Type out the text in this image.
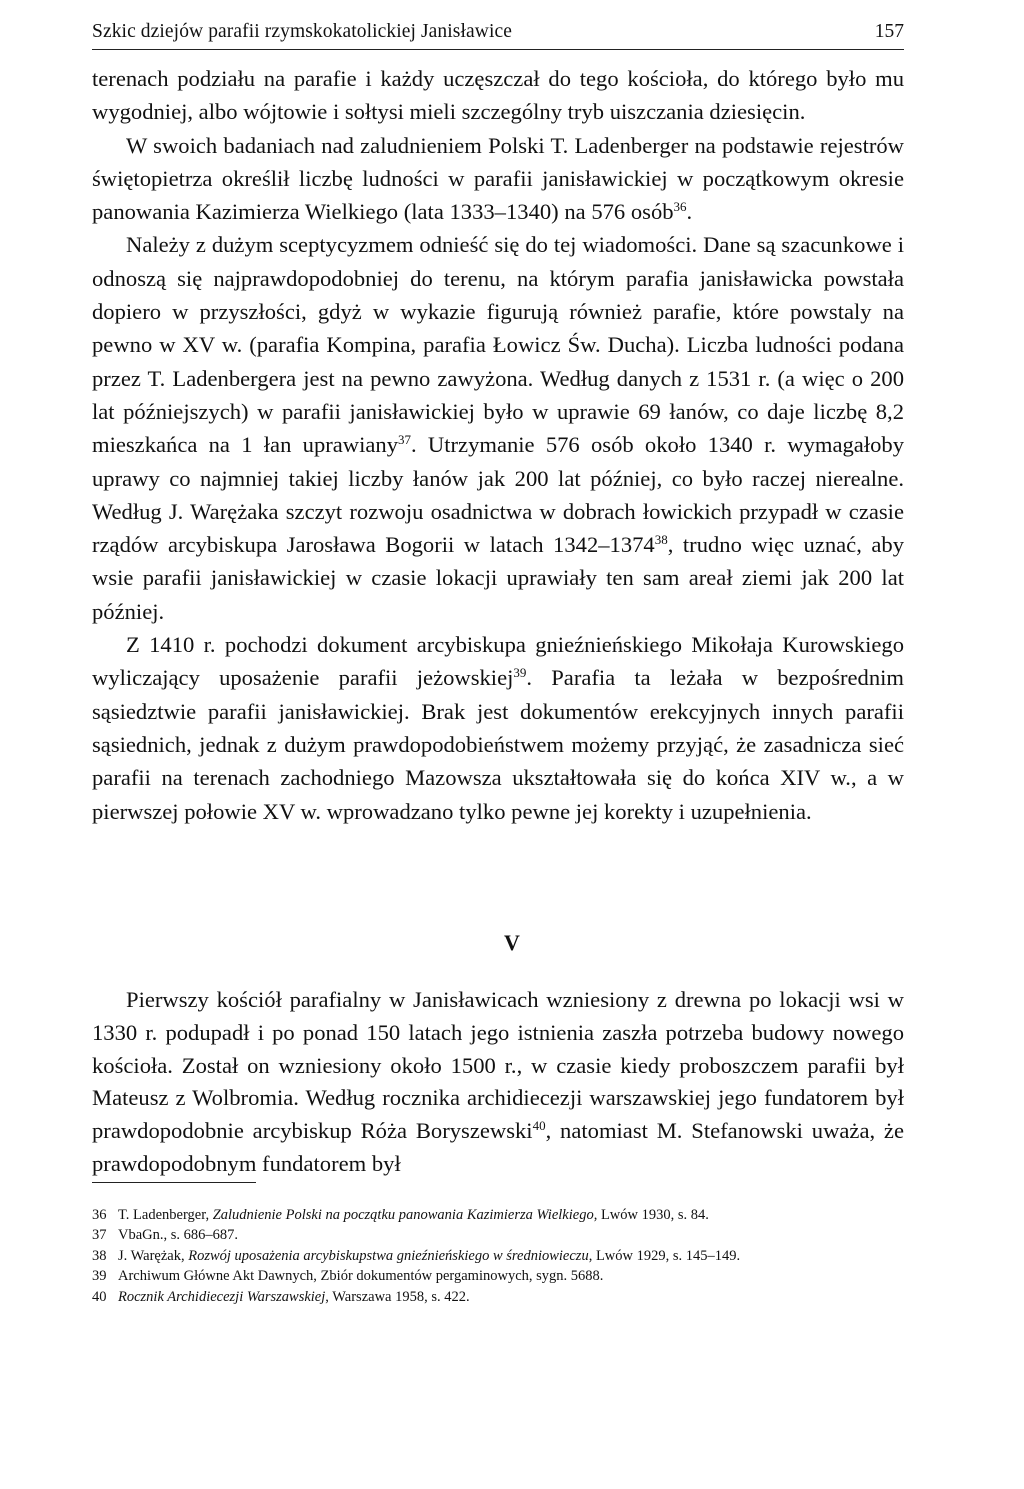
Szkic dziejów parafii rzymskokatolickiej Janisławice	157

terenach podziału na parafie i każdy uczęszczał do tego kościoła, do którego było mu wygodniej, albo wójtowie i sołtysi mieli szczególny tryb uiszczania dziesięcin.

W swoich badaniach nad zaludnieniem Polski T. Ladenberger na podstawie rejestrów świętopietrza określił liczbę ludności w parafii janisławickiej w początkowym okresie panowania Kazimierza Wielkiego (lata 1333–1340) na 576 osób$^{36}$.

Należy z dużym sceptycyzmem odnieść się do tej wiadomości. Dane są szacunkowe i odnoszą się najprawdopodobniej do terenu, na którym parafia janisławicka powstała dopiero w przyszłości, gdyż w wykazie figurują również parafie, które powstaly na pewno w XV w. (parafia Kompina, parafia Łowicz Św. Ducha). Liczba ludności podana przez T. Ladenbergera jest na pewno zawyżona. Według danych z 1531 r. (a więc o 200 lat późniejszych) w parafii janisławickiej było w uprawie 69 łanów, co daje liczbę 8,2 mieszkańca na 1 łan uprawiany$^{37}$. Utrzymanie 576 osób około 1340 r. wymagałoby uprawy co najmniej takiej liczby łanów jak 200 lat później, co było raczej nierealne. Według J. Warężaka szczyt rozwoju osadnictwa w dobrach łowickich przypadł w czasie rządów arcybiskupa Jarosława Bogorii w latach 1342–1374$^{38}$, trudno więc uznać, aby wsie parafii janisławickiej w czasie lokacji uprawiały ten sam areał ziemi jak 200 lat później.

Z 1410 r. pochodzi dokument arcybiskupa gnieźnieńskiego Mikołaja Kurowskiego wyliczający uposażenie parafii jeżowskiej$^{39}$. Parafia ta leżała w bezpośrednim sąsiedztwie parafii janisławickiej. Brak jest dokumentów erekcyjnych innych parafii sąsiednich, jednak z dużym prawdopodobieństwem możemy przyjąć, że zasadnicza sieć parafii na terenach zachodniego Mazowsza ukształtowała się do końca XIV w., a w pierwszej połowie XV w. wprowadzano tylko pewne jej korekty i uzupełnienia.

V

Pierwszy kościół parafialny w Janisławicach wzniesiony z drewna po lokacji wsi w 1330 r. podupadł i po ponad 150 latach jego istnienia zaszła potrzeba budowy nowego kościoła. Został on wzniesiony około 1500 r., w czasie kiedy proboszczem parafii był Mateusz z Wolbromia. Według rocznika archidiecezji warszawskiej jego fundatorem był prawdopodobnie arcybiskup Róża Boryszewski$^{40}$, natomiast M. Stefanowski uważa, że prawdopodobnym fundatorem był

36 T. Ladenberger, Zaludnienie Polski na początku panowania Kazimierza Wielkiego, Lwów 1930, s. 84.
37 VbaGn., s. 686–687.
38 J. Warężak, Rozwój uposażenia arcybiskupstwa gnieźnieńskiego w średniowieczu, Lwów 1929, s. 145–149.
39 Archiwum Główne Akt Dawnych, Zbiór dokumentów pergaminowych, sygn. 5688.
40 Rocznik Archidiecezji Warszawskiej, Warszawa 1958, s. 422.
